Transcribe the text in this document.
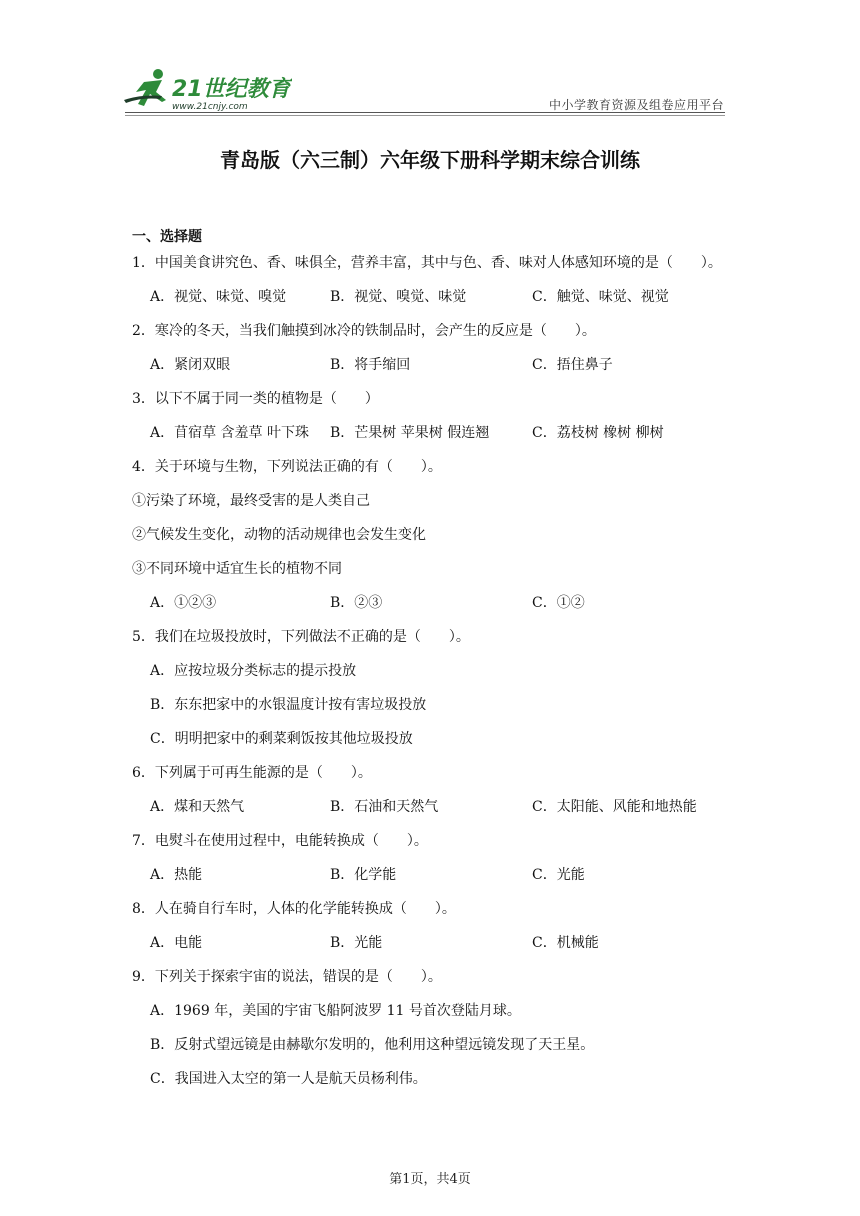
21世纪教育
www.21cnjy.com	中小学教育资源及组卷应用平台
青岛版（六三制）六年级下册科学期末综合训练
一、选择题
1．中国美食讲究色、香、味俱全，营养丰富，其中与色、香、味对人体感知环境的是（　　）。
A．视觉、味觉、嗅觉	B．视觉、嗅觉、味觉	C．触觉、味觉、视觉
2．寒冷的冬天，当我们触摸到冰冷的铁制品时，会产生的反应是（　　）。
A．紧闭双眼	B．将手缩回	C．捂住鼻子
3．以下不属于同一类的植物是（　　）
A．苜宿草 含羞草 叶下珠 B．芒果树 苹果树 假连翘	C．荔枝树 橡树 柳树
4．关于环境与生物，下列说法正确的有（　　）。
①污染了环境，最终受害的是人类自己
②气候发生变化，动物的活动规律也会发生变化
③不同环境中适宜生长的植物不同
A．①②③	B．②③	C．①②
5．我们在垃圾投放时，下列做法不正确的是（　　）。
A．应按垃圾分类标志的提示投放
B．东东把家中的水银温度计按有害垃圾投放
C．明明把家中的剩菜剩饭按其他垃圾投放
6．下列属于可再生能源的是（　　）。
A．煤和天然气	B．石油和天然气	C．太阳能、风能和地热能
7．电熨斗在使用过程中，电能转换成（　　）。
A．热能	B．化学能	C．光能
8．人在骑自行车时，人体的化学能转换成（　　）。
A．电能	B．光能	C．机械能
9．下列关于探索宇宙的说法，错误的是（　　）。
A．1969 年，美国的宇宙飞船阿波罗 11 号首次登陆月球。
B．反射式望远镜是由赫歇尔发明的，他利用这种望远镜发现了天王星。
C．我国进入太空的第一人是航天员杨利伟。
第1页，共4页
